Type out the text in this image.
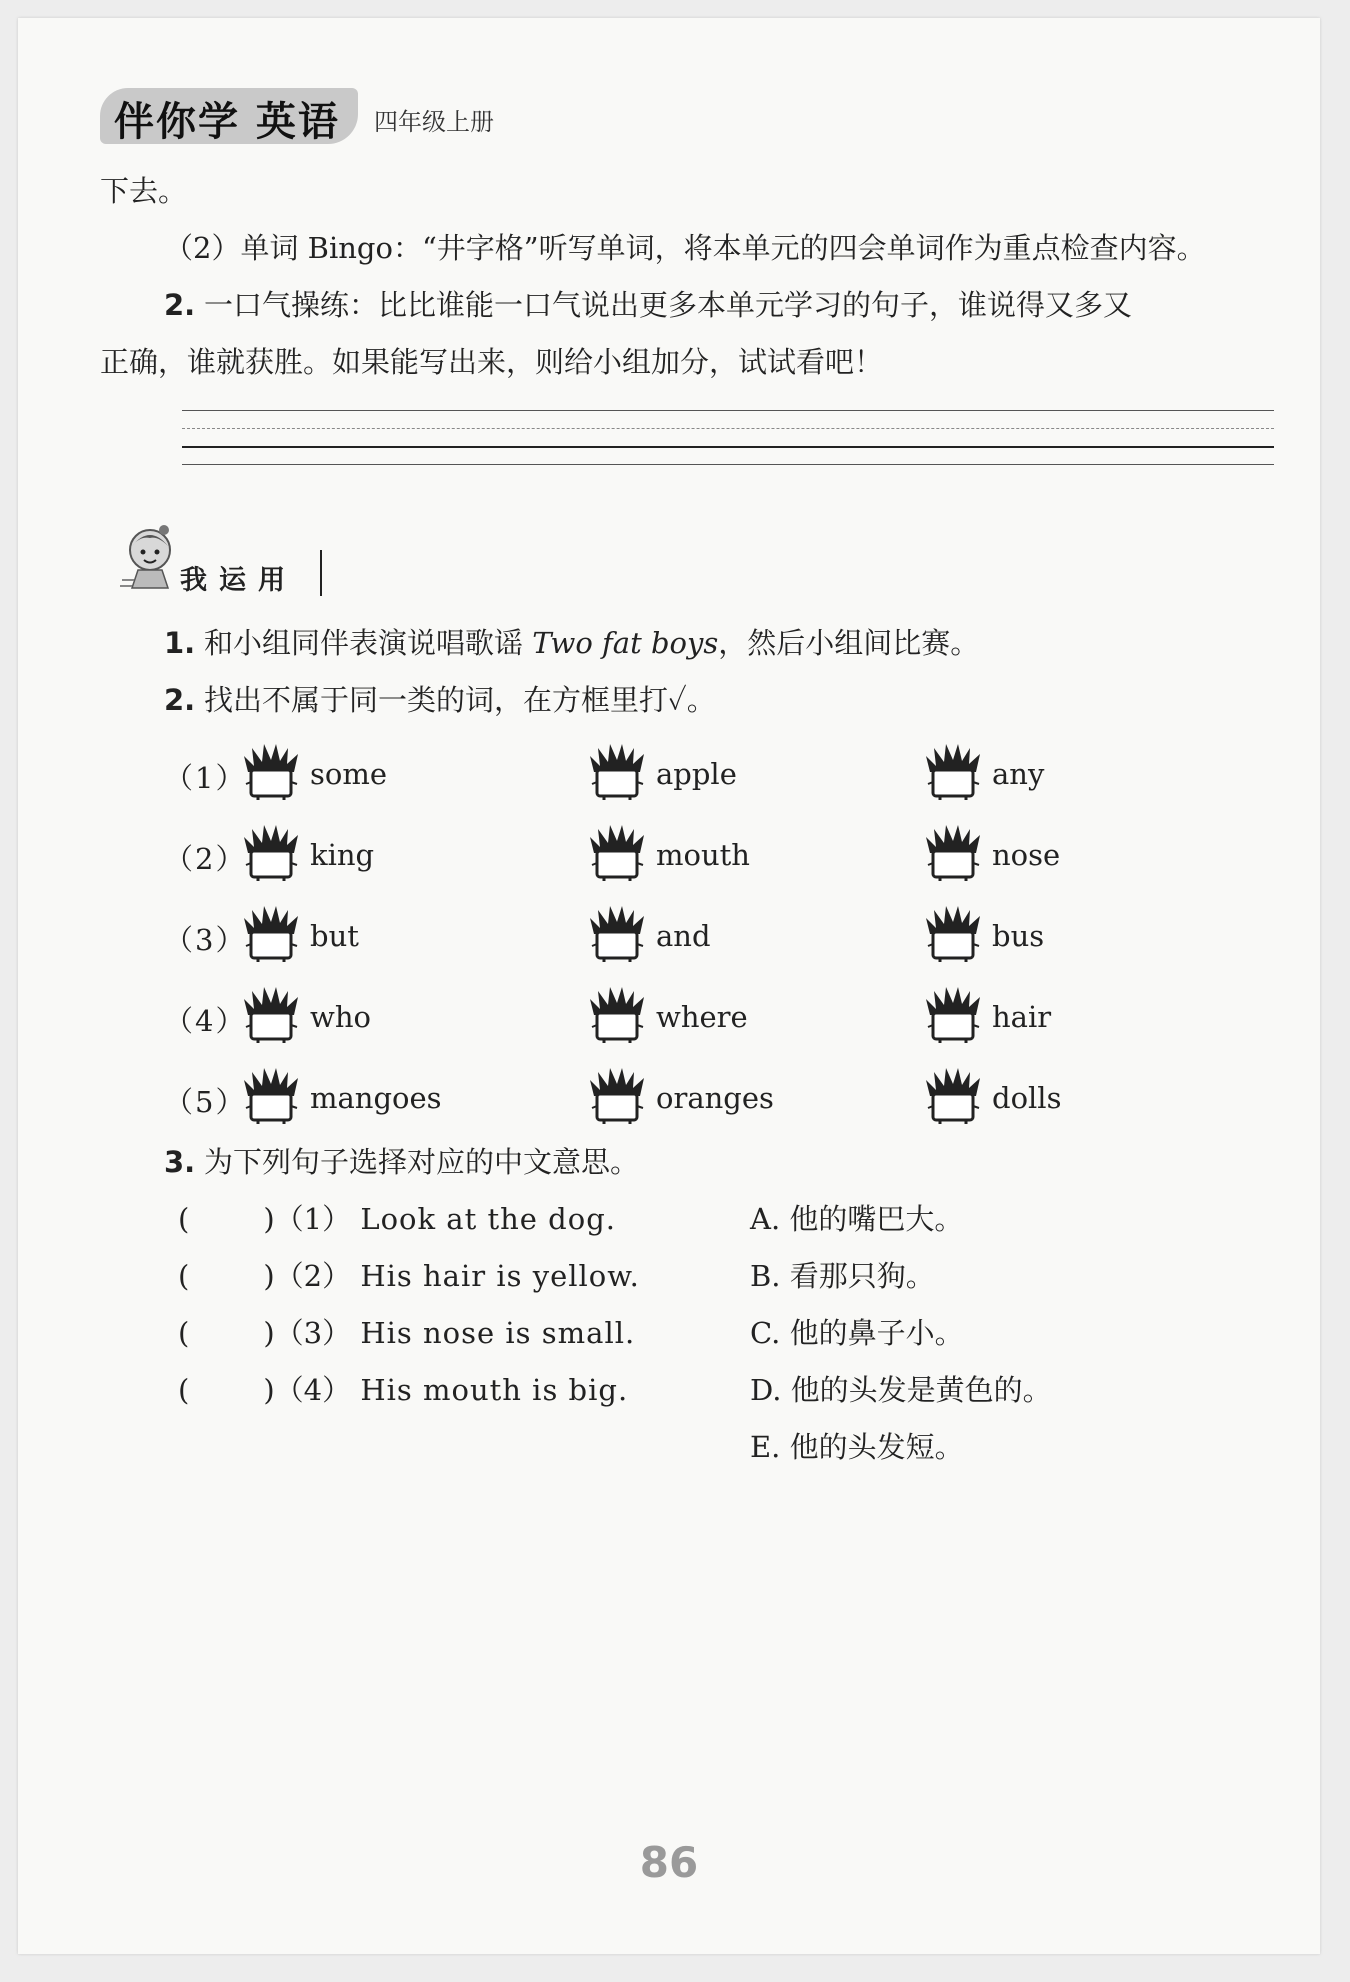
伴你学 英语 四年级上册
下去。
（2）单词 Bingo：“井字格”听写单词，将本单元的四会单词作为重点检查内容。
2. 一口气操练：比比谁能一口气说出更多本单元学习的句子，谁说得又多又
正确，谁就获胜。如果能写出来，则给小组加分，试试看吧！
我运用
1. 和小组同伴表演说唱歌谣 Two fat boys，然后小组间比赛。
2. 找出不属于同一类的词，在方框里打✓。
（1） some	apple	any
（2） king	mouth	nose
（3） but	and	bus
（4） who	where	hair
（5） mangoes	oranges	dolls
3. 为下列句子选择对应的中文意思。
(	)（1） Look at the dog.
(	)（2） His hair is yellow.
(	)（3） His nose is small.
(	)（4） His mouth is big.
A. 他的嘴巴大。
B. 看那只狗。
C. 他的鼻子小。
D. 他的头发是黄色的。
E. 他的头发短。
86
